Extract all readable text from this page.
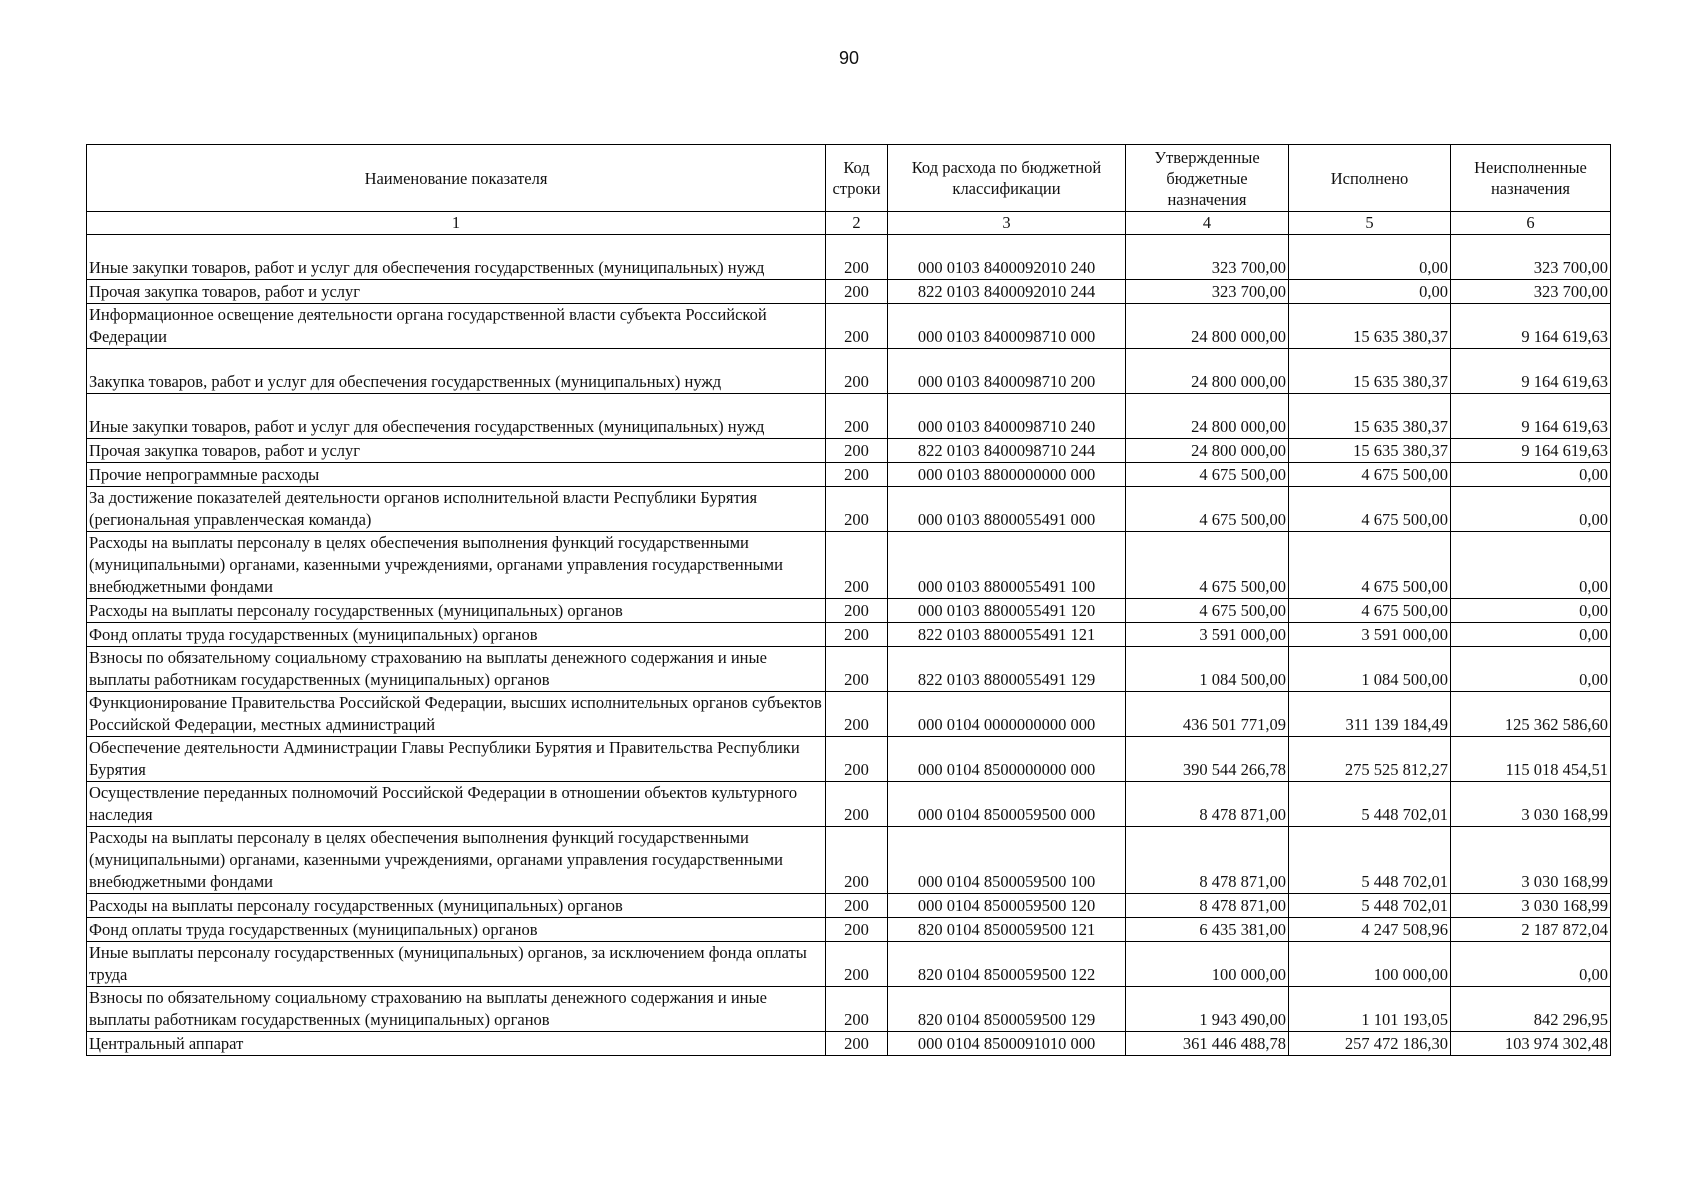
90
Наименование показателя	Код строки	Код расхода по бюджетной классификации	Утвержденные бюджетные назначения	Исполнено	Неисполненные назначения
1	2	3	4	5	6
Иные закупки товаров, работ и услуг для обеспечения государственных (муниципальных) нужд	200	000 0103 8400092010 240	323 700,00	0,00	323 700,00
Прочая закупка товаров, работ и услуг	200	822 0103 8400092010 244	323 700,00	0,00	323 700,00
Информационное освещение деятельности органа государственной власти субъекта Российской Федерации	200	000 0103 8400098710 000	24 800 000,00	15 635 380,37	9 164 619,63
Закупка товаров, работ и услуг для обеспечения государственных (муниципальных) нужд	200	000 0103 8400098710 200	24 800 000,00	15 635 380,37	9 164 619,63
Иные закупки товаров, работ и услуг для обеспечения государственных (муниципальных) нужд	200	000 0103 8400098710 240	24 800 000,00	15 635 380,37	9 164 619,63
Прочая закупка товаров, работ и услуг	200	822 0103 8400098710 244	24 800 000,00	15 635 380,37	9 164 619,63
Прочие непрограммные расходы	200	000 0103 8800000000 000	4 675 500,00	4 675 500,00	0,00
За достижение показателей деятельности органов исполнительной власти Республики Бурятия (региональная управленческая команда)	200	000 0103 8800055491 000	4 675 500,00	4 675 500,00	0,00
Расходы на выплаты персоналу в целях обеспечения выполнения функций государственными (муниципальными) органами, казенными учреждениями, органами управления государственными внебюджетными фондами	200	000 0103 8800055491 100	4 675 500,00	4 675 500,00	0,00
Расходы на выплаты персоналу государственных (муниципальных) органов	200	000 0103 8800055491 120	4 675 500,00	4 675 500,00	0,00
Фонд оплаты труда государственных (муниципальных) органов	200	822 0103 8800055491 121	3 591 000,00	3 591 000,00	0,00
Взносы по обязательному социальному страхованию на выплаты денежного содержания и иные выплаты работникам государственных (муниципальных) органов	200	822 0103 8800055491 129	1 084 500,00	1 084 500,00	0,00
Функционирование Правительства Российской Федерации, высших исполнительных органов субъектов Российской Федерации, местных администраций	200	000 0104 0000000000 000	436 501 771,09	311 139 184,49	125 362 586,60
Обеспечение деятельности Администрации Главы Республики Бурятия и Правительства Республики Бурятия	200	000 0104 8500000000 000	390 544 266,78	275 525 812,27	115 018 454,51
Осуществление переданных полномочий Российской Федерации в отношении объектов культурного наследия	200	000 0104 8500059500 000	8 478 871,00	5 448 702,01	3 030 168,99
Расходы на выплаты персоналу в целях обеспечения выполнения функций государственными (муниципальными) органами, казенными учреждениями, органами управления государственными внебюджетными фондами	200	000 0104 8500059500 100	8 478 871,00	5 448 702,01	3 030 168,99
Расходы на выплаты персоналу государственных (муниципальных) органов	200	000 0104 8500059500 120	8 478 871,00	5 448 702,01	3 030 168,99
Фонд оплаты труда государственных (муниципальных) органов	200	820 0104 8500059500 121	6 435 381,00	4 247 508,96	2 187 872,04
Иные выплаты персоналу государственных (муниципальных) органов, за исключением фонда оплаты труда	200	820 0104 8500059500 122	100 000,00	100 000,00	0,00
Взносы по обязательному социальному страхованию на выплаты денежного содержания и иные выплаты работникам государственных (муниципальных) органов	200	820 0104 8500059500 129	1 943 490,00	1 101 193,05	842 296,95
Центральный аппарат	200	000 0104 8500091010 000	361 446 488,78	257 472 186,30	103 974 302,48
